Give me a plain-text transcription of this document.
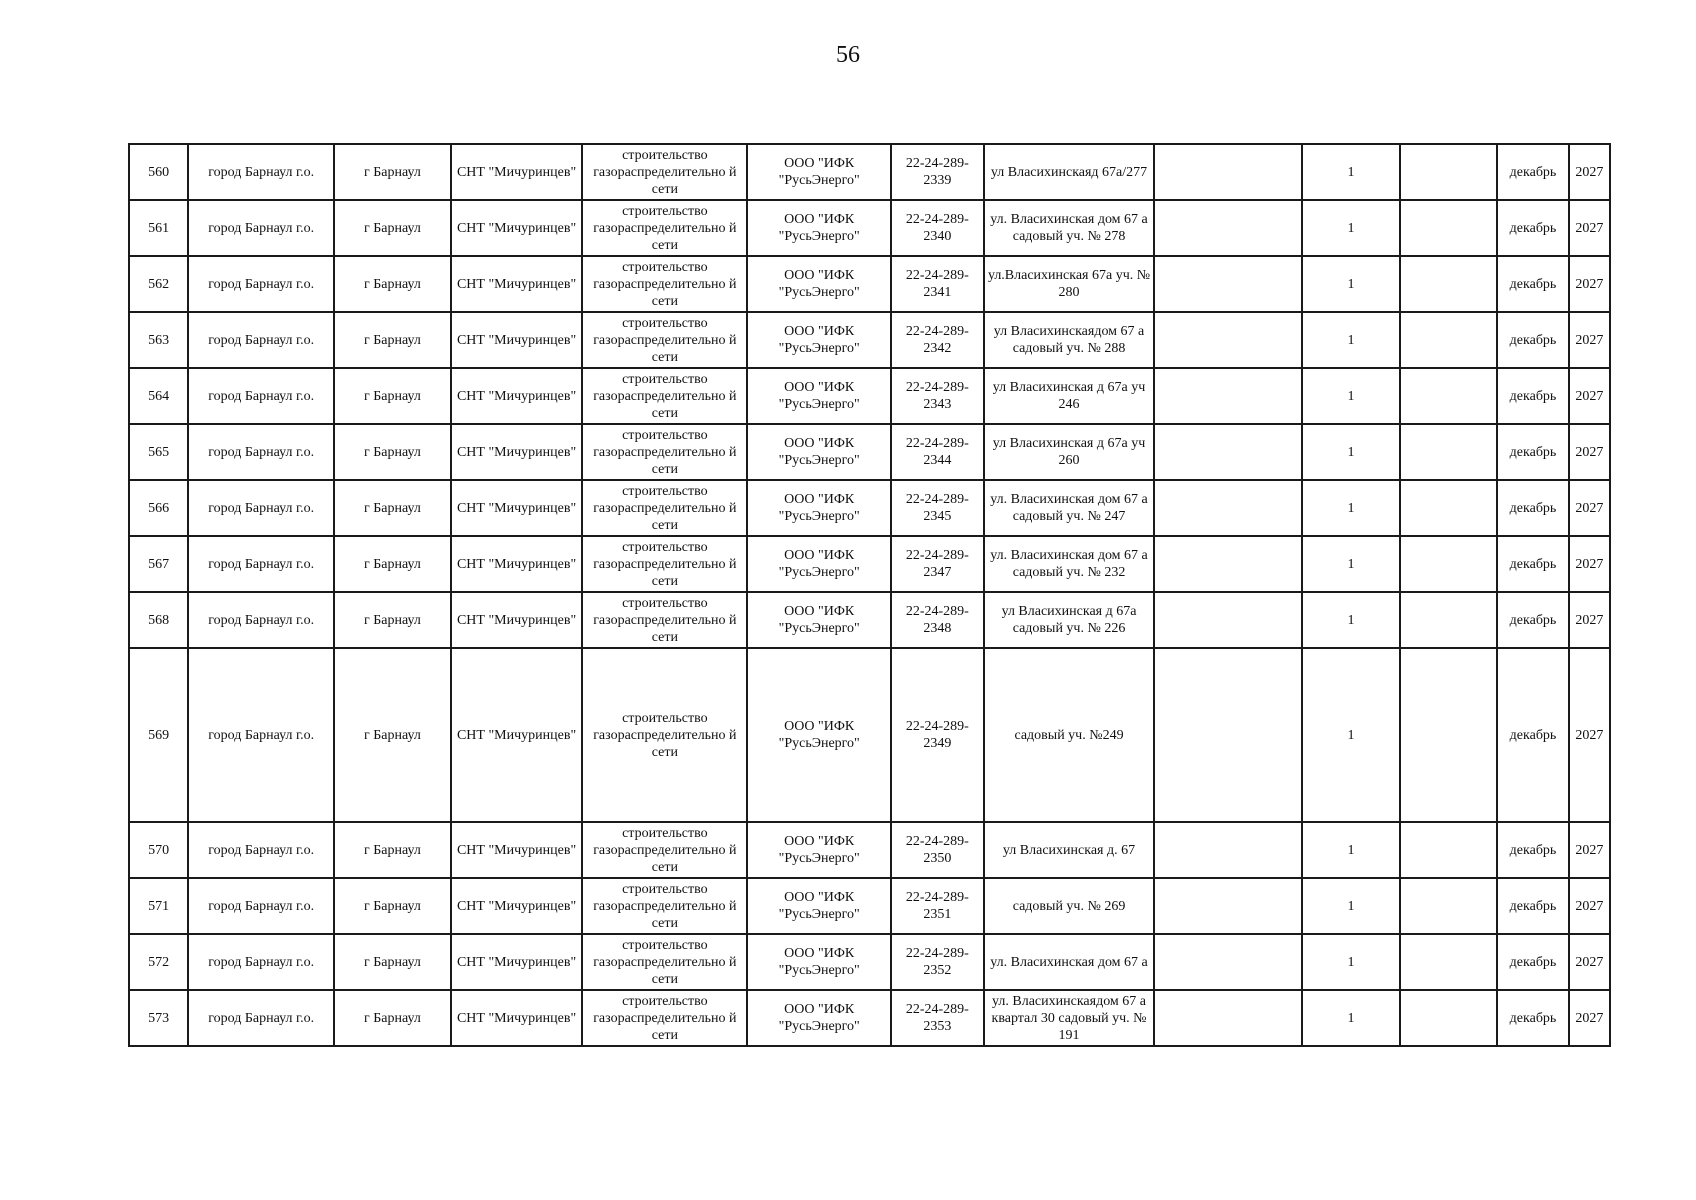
56
560	город Барнаул г.о.	г Барнаул	СНТ "Мичуринцев"	строительство газораспределительно й сети	ООО "ИФК "РусьЭнерго"	22-24-289-2339	ул Власихинскаяд 67а/277		1		декабрь	2027
561	город Барнаул г.о.	г Барнаул	СНТ "Мичуринцев"	строительство газораспределительно й сети	ООО "ИФК "РусьЭнерго"	22-24-289-2340	ул. Власихинская дом 67 а садовый уч. № 278		1		декабрь	2027
562	город Барнаул г.о.	г Барнаул	СНТ "Мичуринцев"	строительство газораспределительно й сети	ООО "ИФК "РусьЭнерго"	22-24-289-2341	ул.Власихинская 67а уч. № 280		1		декабрь	2027
563	город Барнаул г.о.	г Барнаул	СНТ "Мичуринцев"	строительство газораспределительно й сети	ООО "ИФК "РусьЭнерго"	22-24-289-2342	ул Власихинскаядом 67 а садовый уч. № 288		1		декабрь	2027
564	город Барнаул г.о.	г Барнаул	СНТ "Мичуринцев"	строительство газораспределительно й сети	ООО "ИФК "РусьЭнерго"	22-24-289-2343	ул Власихинская д 67а уч 246		1		декабрь	2027
565	город Барнаул г.о.	г Барнаул	СНТ "Мичуринцев"	строительство газораспределительно й сети	ООО "ИФК "РусьЭнерго"	22-24-289-2344	ул Власихинская д 67а уч 260		1		декабрь	2027
566	город Барнаул г.о.	г Барнаул	СНТ "Мичуринцев"	строительство газораспределительно й сети	ООО "ИФК "РусьЭнерго"	22-24-289-2345	ул. Власихинская дом 67 а садовый уч. № 247		1		декабрь	2027
567	город Барнаул г.о.	г Барнаул	СНТ "Мичуринцев"	строительство газораспределительно й сети	ООО "ИФК "РусьЭнерго"	22-24-289-2347	ул. Власихинская дом 67 а садовый уч. № 232		1		декабрь	2027
568	город Барнаул г.о.	г Барнаул	СНТ "Мичуринцев"	строительство газораспределительно й сети	ООО "ИФК "РусьЭнерго"	22-24-289-2348	ул Власихинская д 67а садовый уч. № 226		1		декабрь	2027
569	город Барнаул г.о.	г Барнаул	СНТ "Мичуринцев"	строительство газораспределительно й сети	ООО "ИФК "РусьЭнерго"	22-24-289-2349	садовый уч. №249		1		декабрь	2027
570	город Барнаул г.о.	г Барнаул	СНТ "Мичуринцев"	строительство газораспределительно й сети	ООО "ИФК "РусьЭнерго"	22-24-289-2350	ул Власихинская д. 67		1		декабрь	2027
571	город Барнаул г.о.	г Барнаул	СНТ "Мичуринцев"	строительство газораспределительно й сети	ООО "ИФК "РусьЭнерго"	22-24-289-2351	садовый уч. № 269		1		декабрь	2027
572	город Барнаул г.о.	г Барнаул	СНТ "Мичуринцев"	строительство газораспределительно й сети	ООО "ИФК "РусьЭнерго"	22-24-289-2352	ул. Власихинская дом 67 а		1		декабрь	2027
573	город Барнаул г.о.	г Барнаул	СНТ "Мичуринцев"	строительство газораспределительно й сети	ООО "ИФК "РусьЭнерго"	22-24-289-2353	ул. Власихинскаядом 67 а квартал 30 садовый уч. № 191		1		декабрь	2027
